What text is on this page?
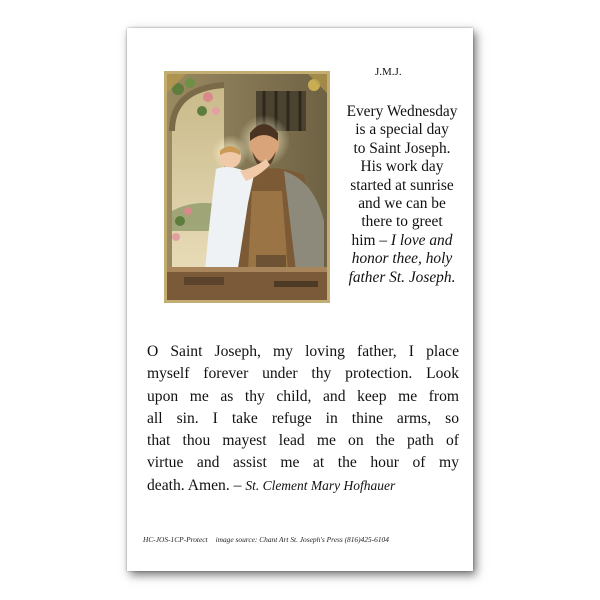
J.M.J.
Every Wednesday
is a special day
to Saint Joseph.
His work day
started at sunrise
and we can be
there to greet
him – I love and
honor thee, holy
father St. Joseph.
O Saint Joseph, my loving father, I place
myself forever under thy protection. Look
upon me as thy child, and keep me from
all sin. I take refuge in thine arms, so
that thou mayest lead me on the path of
virtue and assist me at the hour of my
death. Amen. – St. Clement Mary Hofhauer
HC-JOS-1CP-Protect image source: Chant Art St. Joseph's Press (816)425-6104
